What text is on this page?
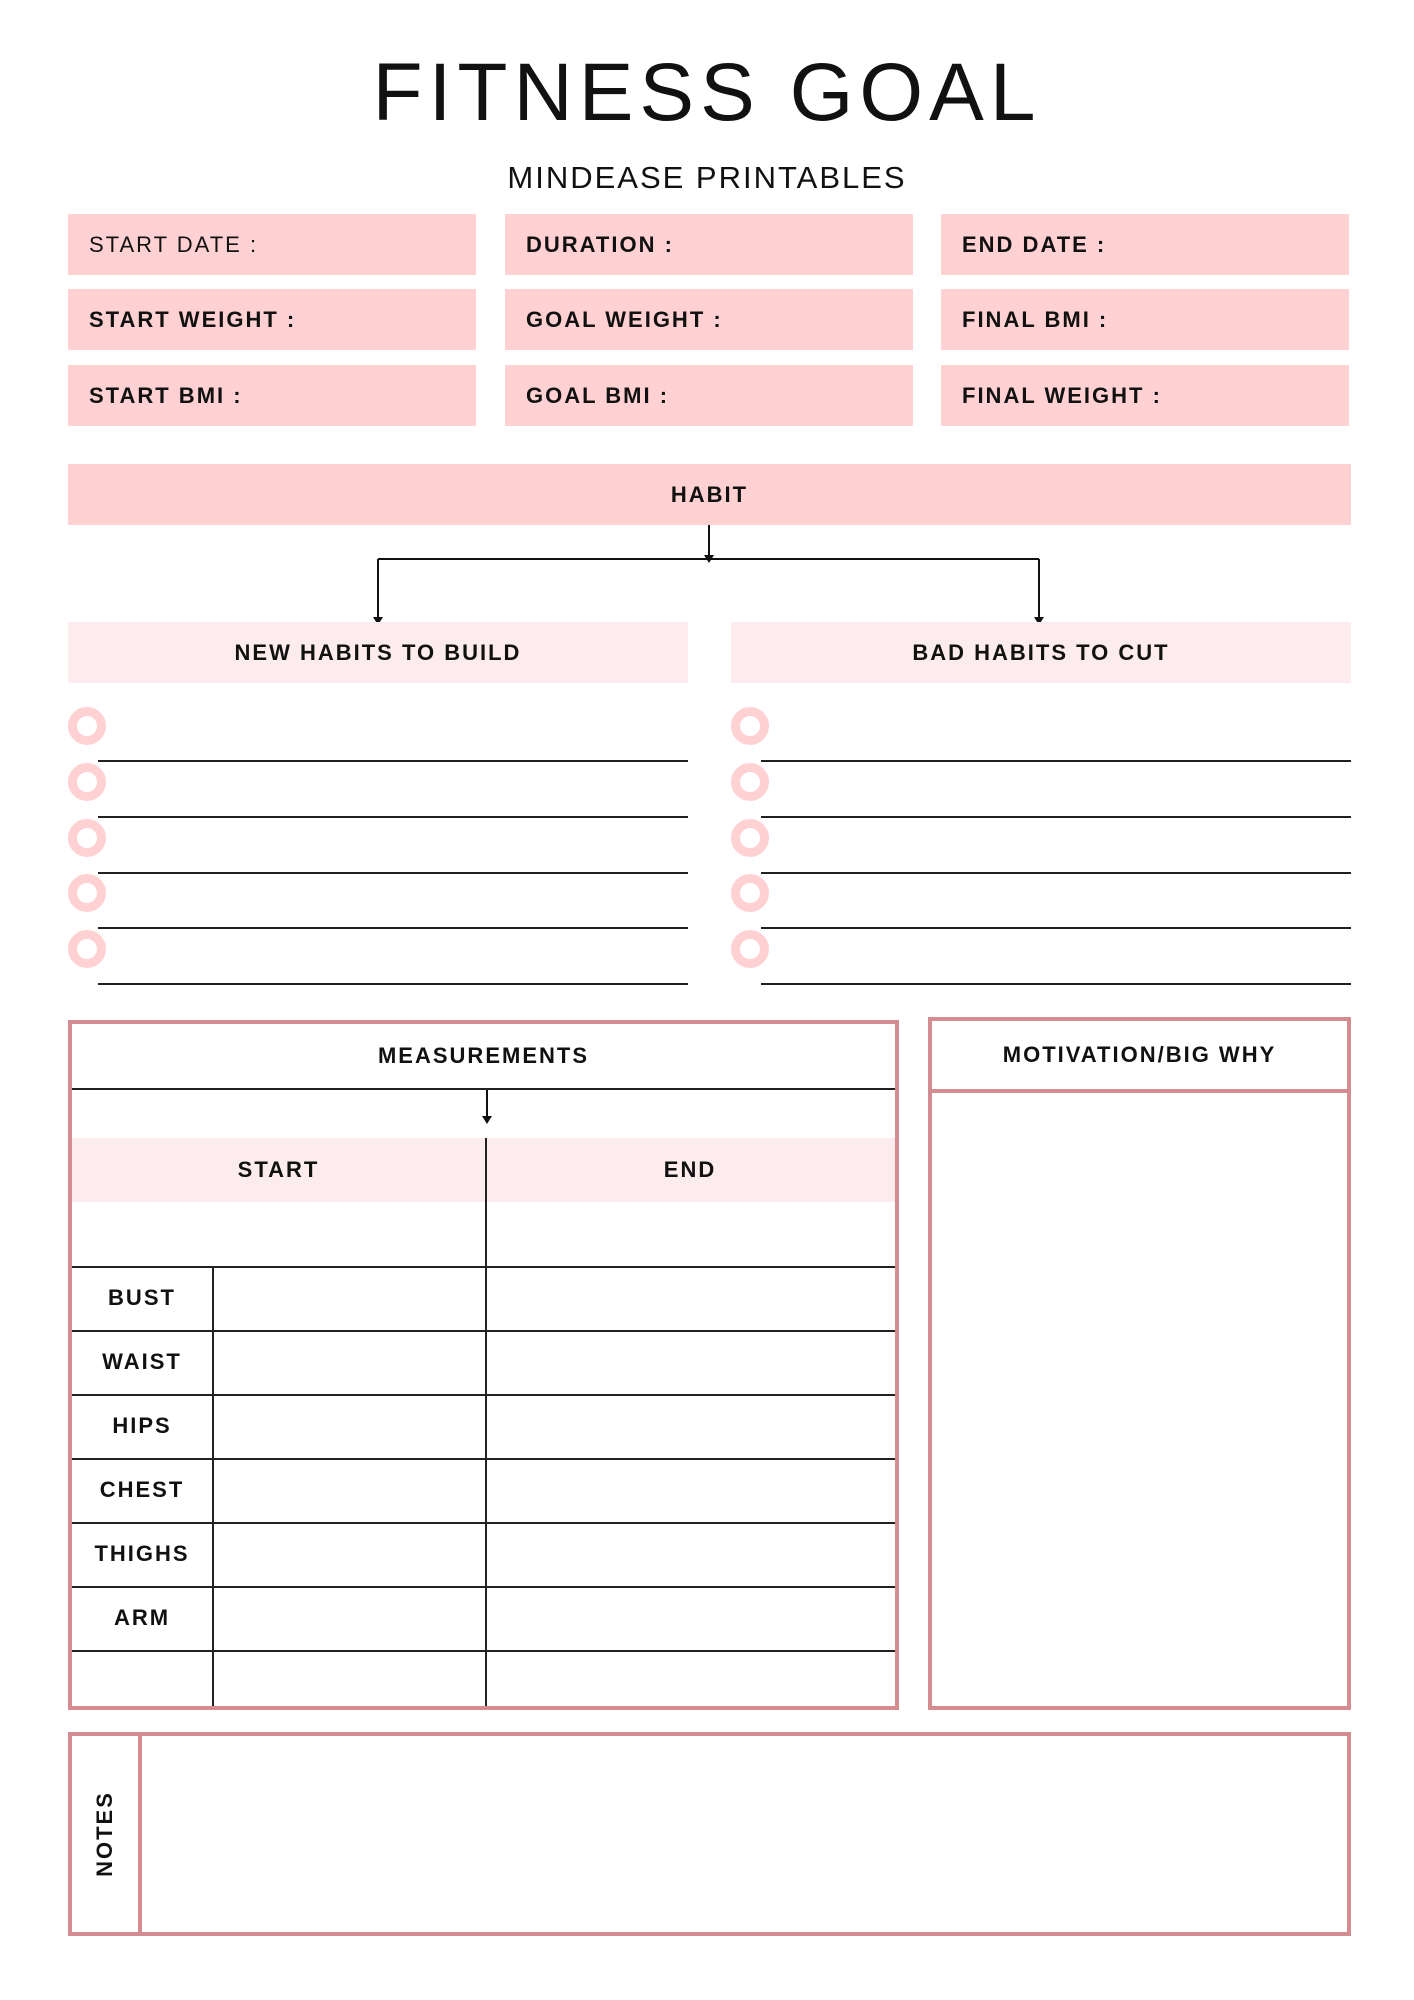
FITNESS GOAL
MINDEASE PRINTABLES
START DATE :	DURATION :	END DATE :
START WEIGHT :	GOAL WEIGHT :	FINAL BMI :
START BMI :	GOAL BMI :	FINAL WEIGHT :
HABIT
NEW HABITS TO BUILD	BAD HABITS TO CUT
MEASUREMENTS
START	END
BUST
WAIST
HIPS
CHEST
THIGHS
ARM
MOTIVATION/BIG WHY
NOTES
